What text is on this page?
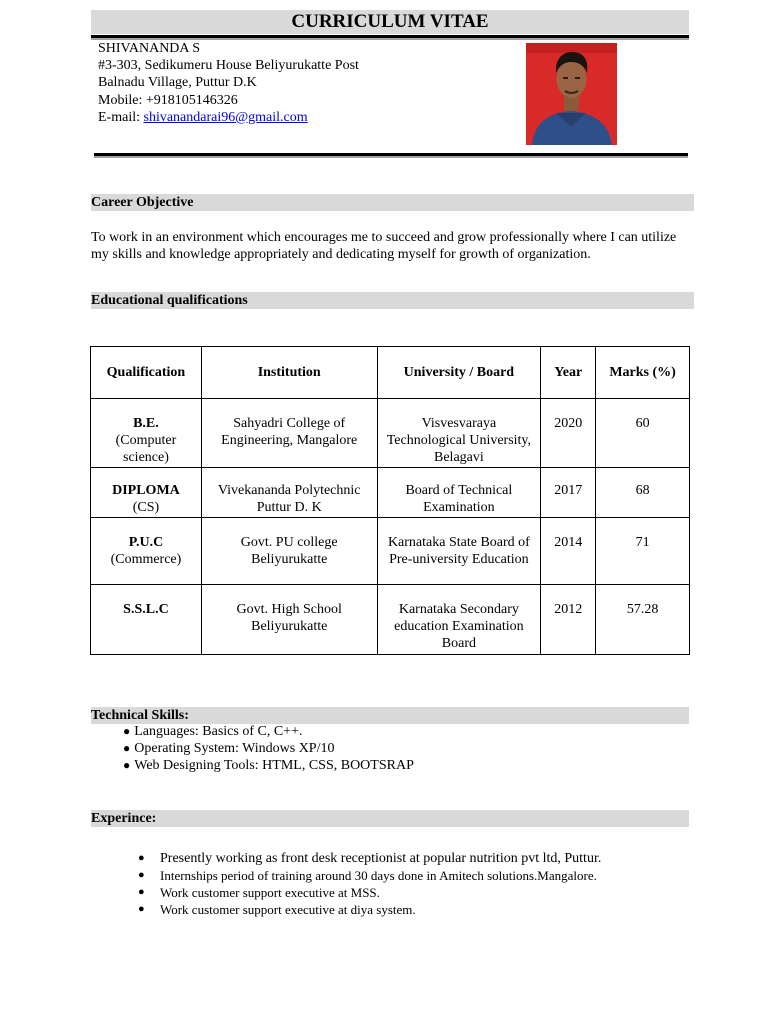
CURRICULUM VITAE
SHIVANANDA S
#3-303, Sedikumeru House Beliyurukatte Post
Balnadu Village, Puttur D.K
Mobile: +918105146326
E-mail: shivanandarai96@gmail.com
Career Objective
To work in an environment which encourages me to succeed and grow professionally where I can utilize my skills and knowledge appropriately and dedicating myself for growth of organization.
Educational qualifications
Qualification	Institution	University / Board	Year	Marks (%)

B.E.
(Computer science)	Sahyadri College of Engineering, Mangalore	Visvesvaraya Technological University, Belagavi	2020	60

DIPLOMA
(CS)	Vivekananda Polytechnic Puttur D. K	Board of Technical Examination	2017	68

P.U.C
(Commerce)	Govt. PU college Beliyurukatte	Karnataka State Board of Pre-university Education	2014	71

S.S.L.C	Govt. High School Beliyurukatte	Karnataka Secondary education Examination Board	2012	57.28
Technical Skills:
● Languages: Basics of C, C++.
● Operating System: Windows XP/10
● Web Designing Tools: HTML, CSS, BOOTSRAP
Experince:
● Presently working as front desk receptionist at popular nutrition pvt ltd, Puttur.
● Internships period of training around 30 days done in Amitech solutions.Mangalore.
● Work customer support executive at MSS.
● Work customer support executive at diya system.
